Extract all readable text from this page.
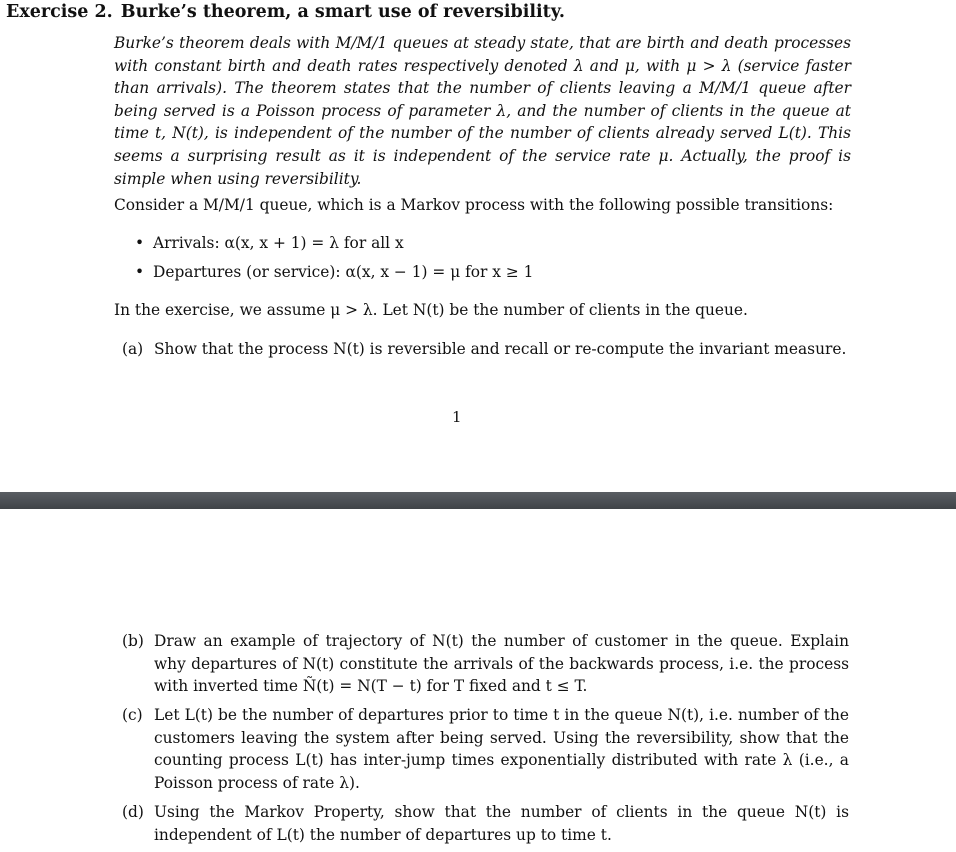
Exercise 2. Burke’s theorem, a smart use of reversibility.
Burke’s theorem deals with M/M/1 queues at steady state, that are birth and death processes with constant birth and death rates respectively denoted λ and μ, with μ > λ (service faster than arrivals). The theorem states that the number of clients leaving a M/M/1 queue after being served is a Poisson process of parameter λ, and the number of clients in the queue at time t, N(t), is independent of the number of the number of clients already served L(t). This seems a surprising result as it is independent of the service rate μ. Actually, the proof is simple when using reversibility.
Consider a M/M/1 queue, which is a Markov process with the following possible transitions:
• Arrivals: α(x, x + 1) = λ for all x
• Departures (or service): α(x, x − 1) = μ for x ≥ 1
In the exercise, we assume μ > λ. Let N(t) be the number of clients in the queue.
(a) Show that the process N(t) is reversible and recall or re-compute the invariant measure.
1
(b) Draw an example of trajectory of N(t) the number of customer in the queue. Explain why departures of N(t) constitute the arrivals of the backwards process, i.e. the process with inverted time Ñ(t) = N(T − t) for T fixed and t ≤ T.
(c) Let L(t) be the number of departures prior to time t in the queue N(t), i.e. number of the customers leaving the system after being served. Using the reversibility, show that the counting process L(t) has inter-jump times exponentially distributed with rate λ (i.e., a Poisson process of rate λ).
(d) Using the Markov Property, show that the number of clients in the queue N(t) is independent of L(t) the number of departures up to time t.
